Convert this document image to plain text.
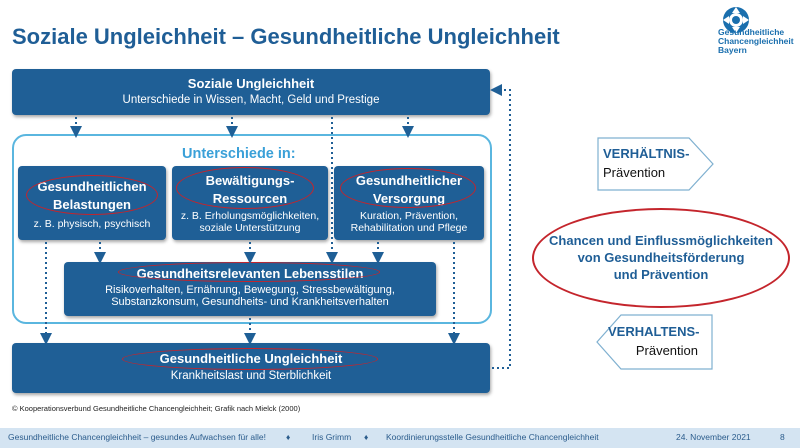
Soziale Ungleichheit – Gesundheitliche Ungleichheit	Gesundheitliche
Chancengleichheit
Bayern
Soziale Ungleichheit
Unterschiede in Wissen, Macht, Geld und Prestige
Unterschiede in:
Gesundheitlichen
Belastungen
z. B. physisch, psychisch
Bewältigungs-
Ressourcen
z. B. Erholungsmöglichkeiten,
soziale Unterstützung
Gesundheitlicher
Versorgung
Kuration, Prävention,
Rehabilitation und Pflege
Gesundheitsrelevanten Lebensstilen
Risikoverhalten, Ernährung, Bewegung, Stressbewältigung,
Substanzkonsum, Gesundheits- und Krankheitsverhalten
Gesundheitliche Ungleichheit
Krankheitslast und Sterblichkeit
VERHÄLTNIS-
Prävention
VERHALTENS-
Prävention
Chancen und Einflussmöglichkeiten
von Gesundheitsförderung
und Prävention
© Kooperationsverbund Gesundheitliche Chancengleichheit; Grafik nach Mielck (2000)
Gesundheitliche Chancengleichheit – gesundes Aufwachsen für alle! ♦	Iris Grimm ♦ Koordinierungsstelle Gesundheitliche Chancengleichheit	24. November 2021	8
